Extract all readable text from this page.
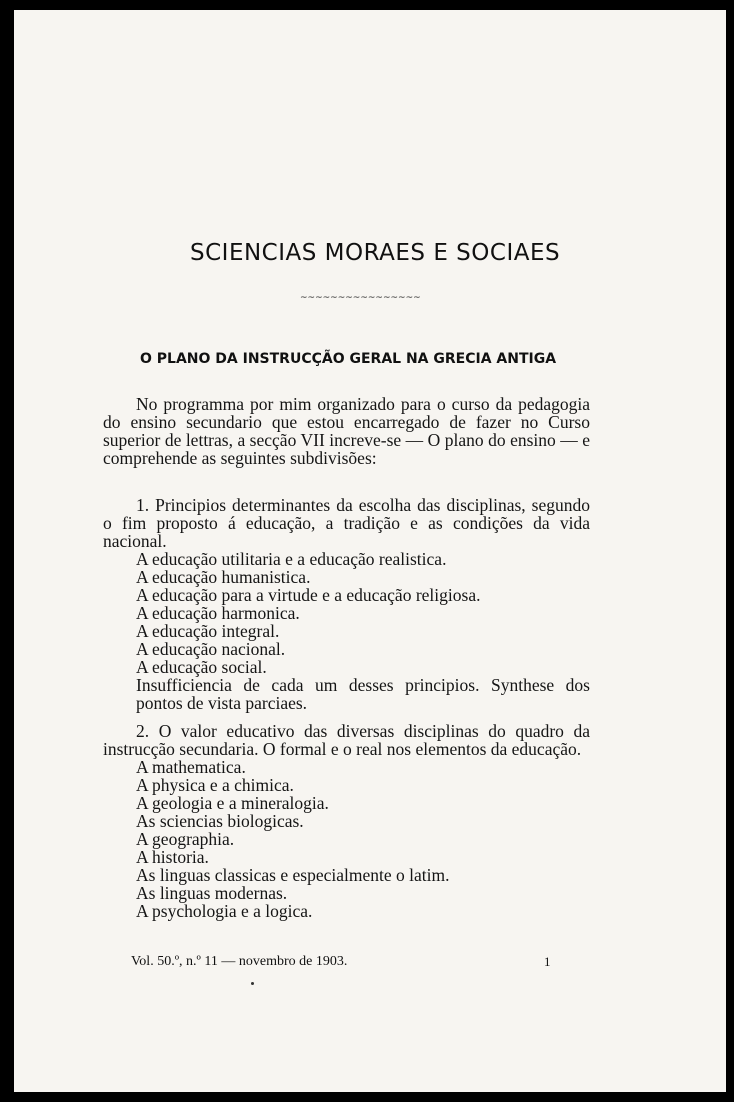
SCIENCIAS MORAES E SOCIAES
~~~~~~~~~~~~~~~~
O PLANO DA INSTRUCÇÃO GERAL NA GRECIA ANTIGA

No programma por mim organizado para o curso da pedagogia do ensino secundario que estou encarregado de fazer no Curso superior de lettras, a secção VII increve-se — O plano do ensino — e comprehende as seguintes subdivisões:

1. Principios determinantes da escolha das disciplinas, segundo o fim proposto á educação, a tradição e as condições da vida nacional.

A educação utilitaria e a educação realistica.

A educação humanistica.

A educação para a virtude e a educação religiosa.

A educação harmonica.

A educação integral.

A educação nacional.

A educação social.

Insufficiencia de cada um desses principios. Synthese dos pontos de vista parciaes.

2. O valor educativo das diversas disciplinas do quadro da instrucção secundaria. O formal e o real nos elementos da educação.

A mathematica.

A physica e a chimica.

A geologia e a mineralogia.

As sciencias biologicas.

A geographia.

A historia.

As linguas classicas e especialmente o latim.

As linguas modernas.

A psychologia e a logica.

Vol. 50.º, n.º 11 — novembro de 1903.	1
